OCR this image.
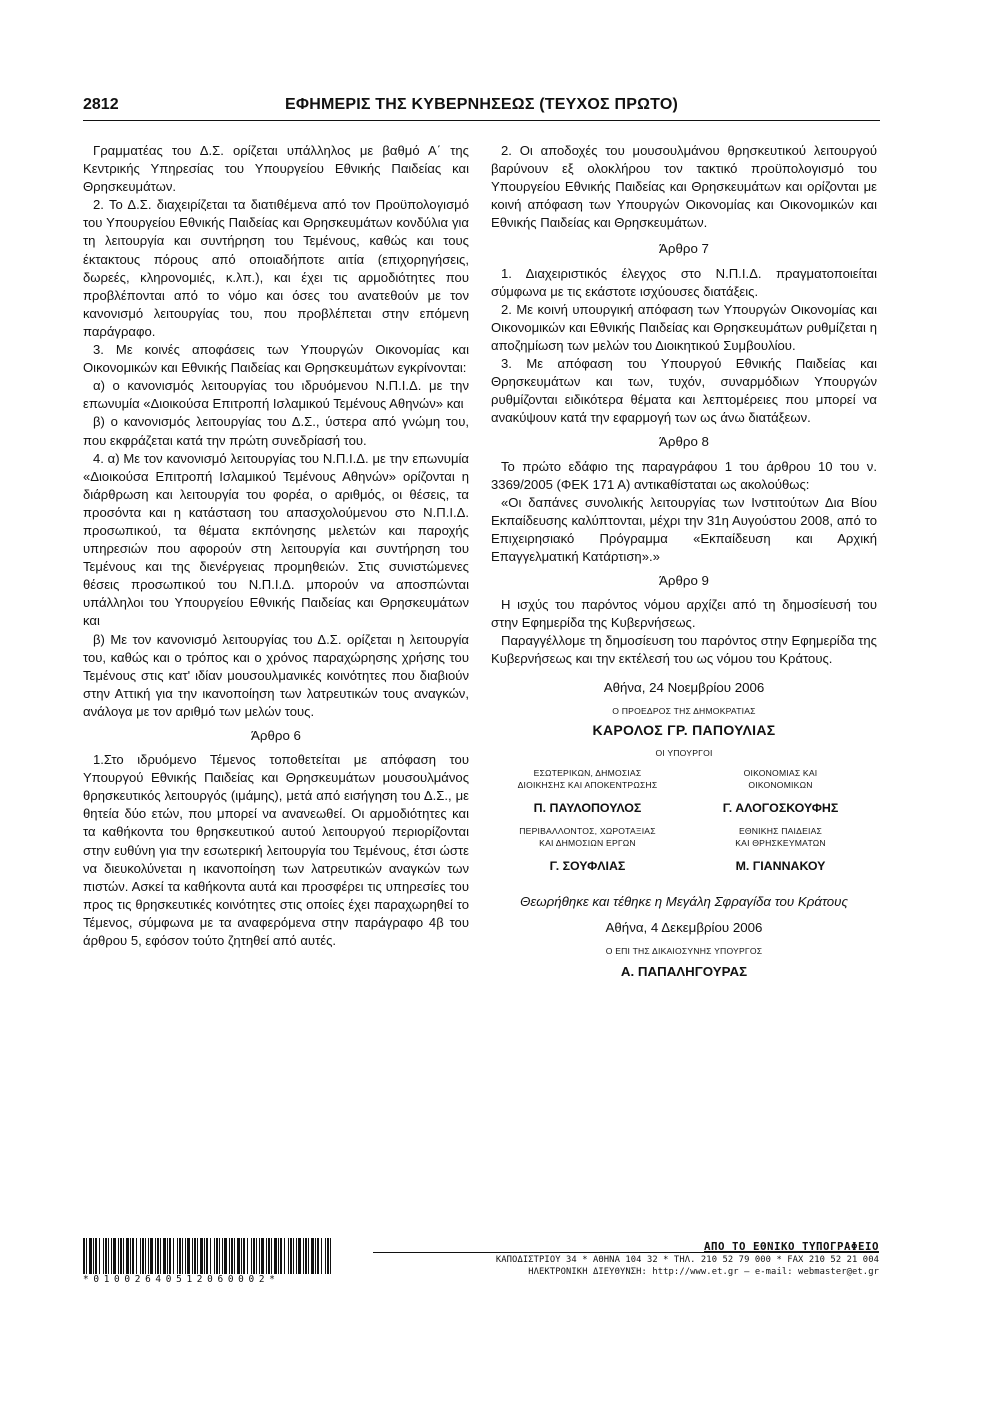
2812	ΕΦΗΜΕΡΙΣ ΤΗΣ ΚΥΒΕΡΝΗΣΕΩΣ (ΤΕΥΧΟΣ ΠΡΩΤΟ)

Γραμματέας του Δ.Σ. ορίζεται υπάλληλος με βαθμό Α΄ της Κεντρικής Υπηρεσίας του Υπουργείου Εθνικής Παιδείας και Θρησκευμάτων.

2. Το Δ.Σ. διαχειρίζεται τα διατιθέμενα από τον Προϋπολογισμό του Υπουργείου Εθνικής Παιδείας και Θρησκευμάτων κονδύλια για τη λειτουργία και συντήρηση του Τεμένους, καθώς και τους έκτακτους πόρους από οποιαδήποτε αιτία (επιχορηγήσεις, δωρεές, κληρονομιές, κ.λπ.), και έχει τις αρμοδιότητες που προβλέπονται από το νόμο και όσες του ανατεθούν με τον κανονισμό λειτουργίας του, που προβλέπεται στην επόμενη παράγραφο.

3. Με κοινές αποφάσεις των Υπουργών Οικονομίας και Οικονομικών και Εθνικής Παιδείας και Θρησκευμάτων εγκρίνονται:

α) ο κανονισμός λειτουργίας του ιδρυόμενου Ν.Π.Ι.Δ. με την επωνυμία «Διοικούσα Επιτροπή Ισλαμικού Τεμένους Αθηνών» και

β) ο κανονισμός λειτουργίας του Δ.Σ., ύστερα από γνώμη του, που εκφράζεται κατά την πρώτη συνεδρίασή του.

4. α) Με τον κανονισμό λειτουργίας του Ν.Π.Ι.Δ. με την επωνυμία «Διοικούσα Επιτροπή Ισλαμικού Τεμένους Αθηνών» ορίζονται η διάρθρωση και λειτουργία του φορέα, ο αριθμός, οι θέσεις, τα προσόντα και η κατάσταση του απασχολούμενου στο Ν.Π.Ι.Δ. προσωπικού, τα θέματα εκπόνησης μελετών και παροχής υπηρεσιών που αφορούν στη λειτουργία και συντήρηση του Τεμένους και της διενέργειας προμηθειών. Στις συνιστώμενες θέσεις προσωπικού του Ν.Π.Ι.Δ. μπορούν να αποσπώνται υπάλληλοι του Υπουργείου Εθνικής Παιδείας και Θρησκευμάτων και

β) Με τον κανονισμό λειτουργίας του Δ.Σ. ορίζεται η λειτουργία του, καθώς και ο τρόπος και ο χρόνος παραχώρησης χρήσης του Τεμένους στις κατ' ιδίαν μουσουλμανικές κοινότητες που διαβιούν στην Αττική για την ικανοποίηση των λατρευτικών τους αναγκών, ανάλογα με τον αριθμό των μελών τους.

Άρθρο 6

1.Στο ιδρυόμενο Τέμενος τοποθετείται με απόφαση του Υπουργού Εθνικής Παιδείας και Θρησκευμάτων μουσουλμάνος θρησκευτικός λειτουργός (ιμάμης), μετά από εισήγηση του Δ.Σ., με θητεία δύο ετών, που μπορεί να ανανεωθεί. Οι αρμοδιότητες και τα καθήκοντα του θρησκευτικού αυτού λειτουργού περιορίζονται στην ευθύνη για την εσωτερική λειτουργία του Τεμένους, έτσι ώστε να διευκολύνεται η ικανοποίηση των λατρευτικών αναγκών των πιστών. Ασκεί τα καθήκοντα αυτά και προσφέρει τις υπηρεσίες του προς τις θρησκευτικές κοινότητες στις οποίες έχει παραχωρηθεί το Τέμενος, σύμφωνα με τα αναφερόμενα στην παράγραφο 4β του άρθρου 5, εφόσον τούτο ζητηθεί από αυτές.

2. Οι αποδοχές του μουσουλμάνου θρησκευτικού λειτουργού βαρύνουν εξ ολοκλήρου τον τακτικό προϋπολογισμό του Υπουργείου Εθνικής Παιδείας και Θρησκευμάτων και ορίζονται με κοινή απόφαση των Υπουργών Οικονομίας και Οικονομικών και Εθνικής Παιδείας και Θρησκευμάτων.

Άρθρο 7

1. Διαχειριστικός έλεγχος στο Ν.Π.Ι.Δ. πραγματοποιείται σύμφωνα με τις εκάστοτε ισχύουσες διατάξεις.

2. Με κοινή υπουργική απόφαση των Υπουργών Οικονομίας και Οικονομικών και Εθνικής Παιδείας και Θρησκευμάτων ρυθμίζεται η αποζημίωση των μελών του Διοικητικού Συμβουλίου.

3. Με απόφαση του Υπουργού Εθνικής Παιδείας και Θρησκευμάτων και των, τυχόν, συναρμόδιων Υπουργών ρυθμίζονται ειδικότερα θέματα και λεπτομέρειες που μπορεί να ανακύψουν κατά την εφαρμογή των ως άνω διατάξεων.

Άρθρο 8

Το πρώτο εδάφιο της παραγράφου 1 του άρθρου 10 του ν. 3369/2005 (ΦΕΚ 171 Α) αντικαθίσταται ως ακολούθως:

«Οι δαπάνες συνολικής λειτουργίας των Ινστιτούτων Δια Βίου Εκπαίδευσης καλύπτονται, μέχρι την 31η Αυγούστου 2008, από το Επιχειρησιακό Πρόγραμμα «Εκπαίδευση και Αρχική Επαγγελματική Κατάρτιση».»

Άρθρο 9

Η ισχύς του παρόντος νόμου αρχίζει από τη δημοσίευσή του στην Εφημερίδα της Κυβερνήσεως.

Παραγγέλλομε τη δημοσίευση του παρόντος στην Εφημερίδα της Κυβερνήσεως και την εκτέλεσή του ως νόμου του Κράτους.

Αθήνα, 24 Νοεμβρίου 2006
Ο ΠΡΟΕΔΡΟΣ ΤΗΣ ΔΗΜΟΚΡΑΤΙΑΣ
ΚΑΡΟΛΟΣ ΓΡ. ΠΑΠΟΥΛΙΑΣ
ΟΙ ΥΠΟΥΡΓΟΙ
ΕΣΩΤΕΡΙΚΩΝ, ΔΗΜΟΣΙΑΣ
ΔΙΟΙΚΗΣΗΣ ΚΑΙ ΑΠΟΚΕΝΤΡΩΣΗΣ
Π. ΠΑΥΛΟΠΟΥΛΟΣ
ΟΙΚΟΝΟΜΙΑΣ ΚΑΙ
ΟΙΚΟΝΟΜΙΚΩΝ
Γ. ΑΛΟΓΟΣΚΟΥΦΗΣ
ΠΕΡΙΒΑΛΛΟΝΤΟΣ, ΧΩΡΟΤΑΞΙΑΣ
ΚΑΙ ΔΗΜΟΣΙΩΝ ΕΡΓΩΝ
Γ. ΣΟΥΦΛΙΑΣ
ΕΘΝΙΚΗΣ ΠΑΙΔΕΙΑΣ
ΚΑΙ ΘΡΗΣΚΕΥΜΑΤΩΝ
Μ. ΓΙΑΝΝΑΚΟΥ
Θεωρήθηκε και τέθηκε η Μεγάλη Σφραγίδα του Κράτους
Αθήνα, 4 Δεκεμβρίου 2006
Ο ΕΠΙ ΤΗΣ ΔΙΚΑΙΟΣΥΝΗΣ ΥΠΟΥΡΓΟΣ
Α. ΠΑΠΑΛΗΓΟΥΡΑΣ
*01002640512060002*
ΑΠΟ ΤΟ ΕΘΝΙΚΟ ΤΥΠΟΓΡΑΦΕΙΟ
ΚΑΠΟΔΙΣΤΡΙΟΥ 34 * ΑΘΗΝΑ 104 32 * ΤΗΛ. 210 52 79 000 * FAX 210 52 21 004
ΗΛΕΚΤΡΟΝΙΚΗ ΔΙΕΥΘΥΝΣΗ: http://www.et.gr – e-mail: webmaster@et.gr
